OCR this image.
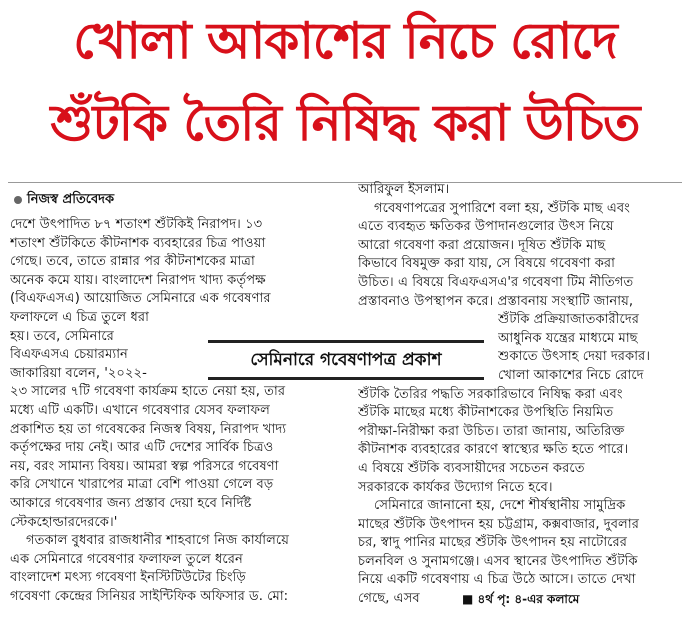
খোলা আকাশের নিচে রোদে
শুঁটকি তৈরি নিষিদ্ধ করা উচিত
নিজস্ব প্রতিবেদক
দেশে উৎপাদিত ৮৭ শতাংশ শুঁটকিই নিরাপদ। ১৩
শতাংশ শুঁটকিতে কীটনাশক ব্যবহারের চিত্র পাওয়া
গেছে। তবে, তাতে রান্নার পর কীটনাশকের মাত্রা
অনেক কমে যায়। বাংলাদেশ নিরাপদ খাদ্য কর্তৃপক্ষ
(বিএফএসএ) আয়োজিত সেমিনারে এক গবেষণার
ফলাফলে এ চিত্র তুলে ধরা
হয়। তবে, সেমিনারে
বিএফএসএ চেয়ারম্যান
জাকারিয়া বলেন, '২০২২-
২৩ সালের ৭টি গবেষণা কার্যক্রম হাতে নেয়া হয়, তার
মধ্যে এটি একটি। এখানে গবেষণার যেসব ফলাফল
প্রকাশিত হয় তা গবেষকের নিজস্ব বিষয়, নিরাপদ খাদ্য
কর্তৃপক্ষের দায় নেই। আর এটি দেশের সার্বিক চিত্রও
নয়, বরং সামান্য বিষয়। আমরা স্বল্প পরিসরে গবেষণা
করি সেখানে খারাপের মাত্রা বেশি পাওয়া গেলে বড়
আকারে গবেষণার জন্য প্রস্তাব দেয়া হবে নির্দিষ্ট
স্টেকহোল্ডারদেরকে।'
গতকাল বুধবার রাজধানীর শাহবাগে নিজ কার্যালয়ে
এক সেমিনারে গবেষণার ফলাফল তুলে ধরেন
বাংলাদেশ মৎস্য গবেষণা ইনস্টিটিউটের চিংড়ি
গবেষণা কেন্দ্রের সিনিয়র সাইন্টিফিক অফিসার ড. মো:
আরিফুল ইসলাম।
গবেষণাপত্রের সুপারিশে বলা হয়, শুঁটকি মাছ এবং
এতে ব্যবহৃত ক্ষতিকর উপাদানগুলোর উৎস নিয়ে
আরো গবেষণা করা প্রয়োজন। দূষিত শুঁটকি মাছ
কিভাবে বিষমুক্ত করা যায়, সে বিষয়ে গবেষণা করা
উচিত। এ বিষয়ে বিএফএসএ'র গবেষণা টিম নীতিগত
প্রস্তাবনাও উপস্থাপন করে। প্রস্তাবনায় সংস্থাটি জানায়,
শুঁটকি প্রক্রিয়াজাতকারীদের
আধুনিক যন্ত্রের মাধ্যমে মাছ
শুকাতে উৎসাহ দেয়া দরকার।
খোলা আকাশের নিচে রোদে
শুঁটকি তৈরির পদ্ধতি সরকারিভাবে নিষিদ্ধ করা এবং
শুঁটকি মাছের মধ্যে কীটনাশকের উপস্থিতি নিয়মিত
পরীক্ষা-নিরীক্ষা করা উচিত। তারা জানায়, অতিরিক্ত
কীটনাশক ব্যবহারের কারণে স্বাস্থ্যের ক্ষতি হতে পারে।
এ বিষয়ে শুঁটকি ব্যবসায়ীদের সচেতন করতে
সরকারকে কার্যকর উদ্যোগ নিতে হবে।
সেমিনারে জানানো হয়, দেশে শীর্ষস্থানীয় সামুদ্রিক
মাছের শুঁটকি উৎপাদন হয় চট্টগ্রাম, কক্সবাজার, দুবলার
চর, স্বাদু পানির মাছের শুঁটকি উৎপাদন হয় নাটোরের
চলনবিল ও সুনামগঞ্জে। এসব স্থানের উৎপাদিত শুঁটকি
নিয়ে একটি গবেষণায় এ চিত্র উঠে আসে। তাতে দেখা
গেছে, এসব	■ ৪র্থ পৃ: ৪-এর কলামে
সেমিনারে গবেষণাপত্র প্রকাশ
